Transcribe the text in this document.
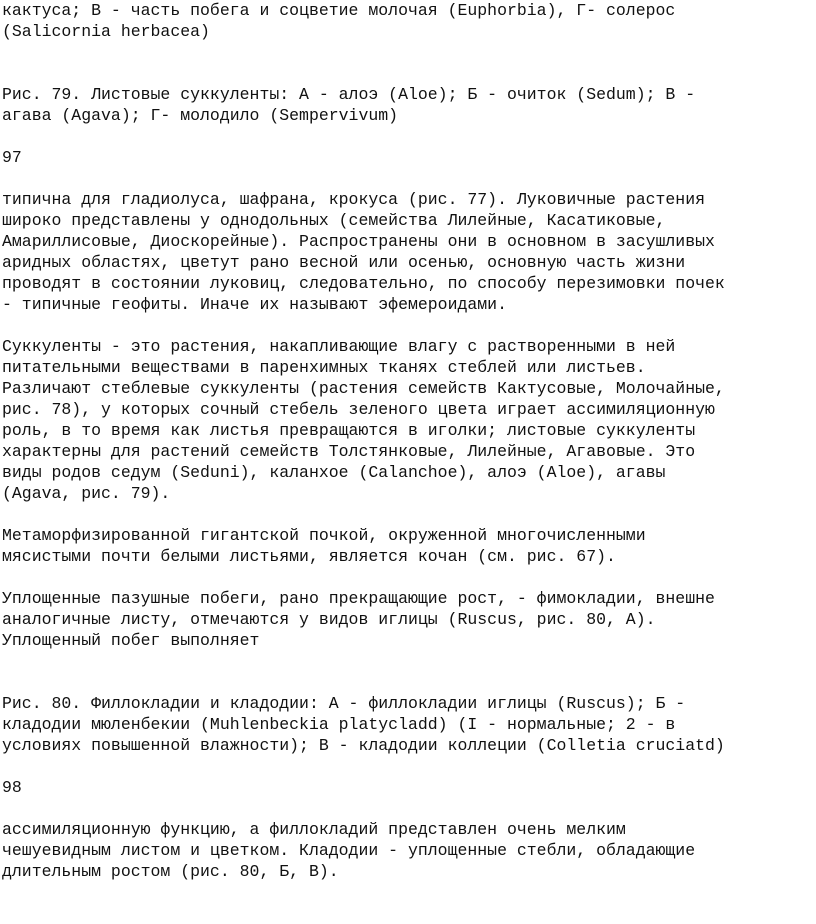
кактуса; В - часть побега и соцветие молочая (Euphorbia), Г- солерос
(Salicornia herbacea)
Рис. 79. Листовые суккуленты: А - алоэ (Aloe); Б - очиток (Sedum); В -
агава (Agava); Г- молодило (Sempervivum)
97
типична для гладиолуса, шафрана, крокуса (рис. 77). Луковичные растения
широко представлены у однодольных (семейства Лилейные, Касатиковые,
Амариллисовые, Диоскорейные). Распространены они в основном в засушливых
аридных областях, цветут рано весной или осенью, основную часть жизни
проводят в состоянии луковиц, следовательно, по способу перезимовки почек
- типичные геофиты. Иначе их называют эфемероидами.
Суккуленты - это растения, накапливающие влагу с растворенными в ней
питательными веществами в паренхимных тканях стеблей или листьев.
Различают стеблевые суккуленты (растения семейств Кактусовые, Молочайные,
рис. 78), у которых сочный стебель зеленого цвета играет ассимиляционную
роль, в то время как листья превращаются в иголки; листовые суккуленты
характерны для растений семейств Толстянковые, Лилейные, Агавовые. Это
виды родов седум (Seduni), каланхое (Calanchoe), алоэ (Aloe), агавы
(Agava, рис. 79).
Метаморфизированной гигантской почкой, окруженной многочисленными
мясистыми почти белыми листьями, является кочан (см. рис. 67).
Уплощенные пазушные побеги, рано прекращающие рост, - фимокладии, внешне
аналогичные листу, отмечаются у видов иглицы (Ruscus, рис. 80, А).
Уплощенный побег выполняет
Рис. 80. Филлокладии и кладодии: А - филлокладии иглицы (Ruscus); Б -
кладодии мюленбекии (Muhlenbeckia platycladd) (I - нормальные; 2 - в
условиях повышенной влажности); В - кладодии коллеции (Colletia cruciatd)
98
ассимиляционную функцию, а филлокладий представлен очень мелким
чешуевидным листом и цветком. Кладодии - уплощенные стебли, обладающие
длительным ростом (рис. 80, Б, В).
